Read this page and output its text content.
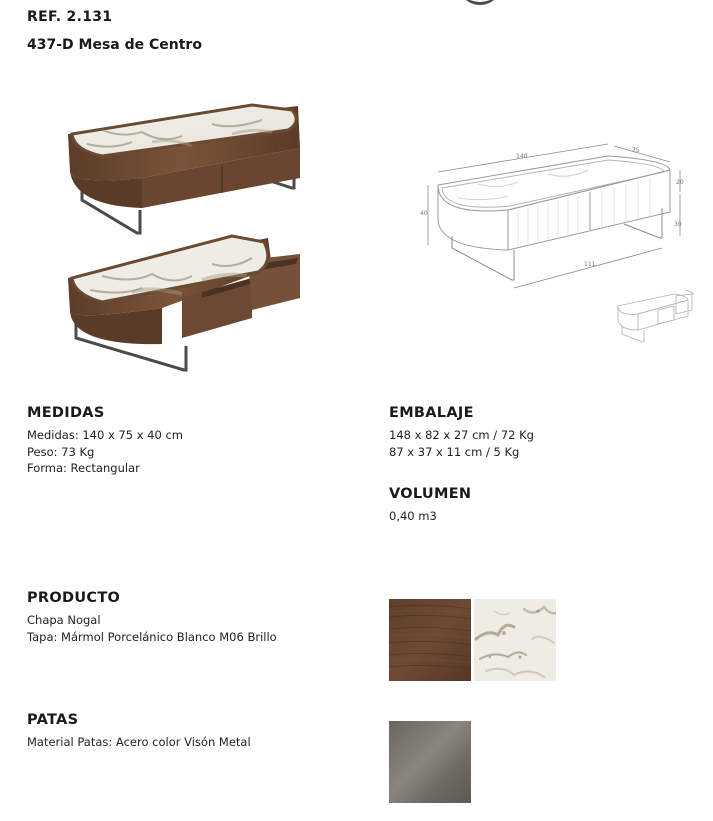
REF. 2.131
437-D Mesa de Centro
140
75
40
20
30
111
MEDIDAS
Medidas: 140 x 75 x 40 cm
Peso: 73 Kg
Forma: Rectangular
EMBALAJE
148 x 82 x 27 cm / 72 Kg
87 x 37 x 11 cm / 5 Kg
VOLUMEN
0,40 m3
PRODUCTO
Chapa Nogal
Tapa: Mármol Porcelánico Blanco M06 Brillo
PATAS
Material Patas: Acero color Visón Metal
